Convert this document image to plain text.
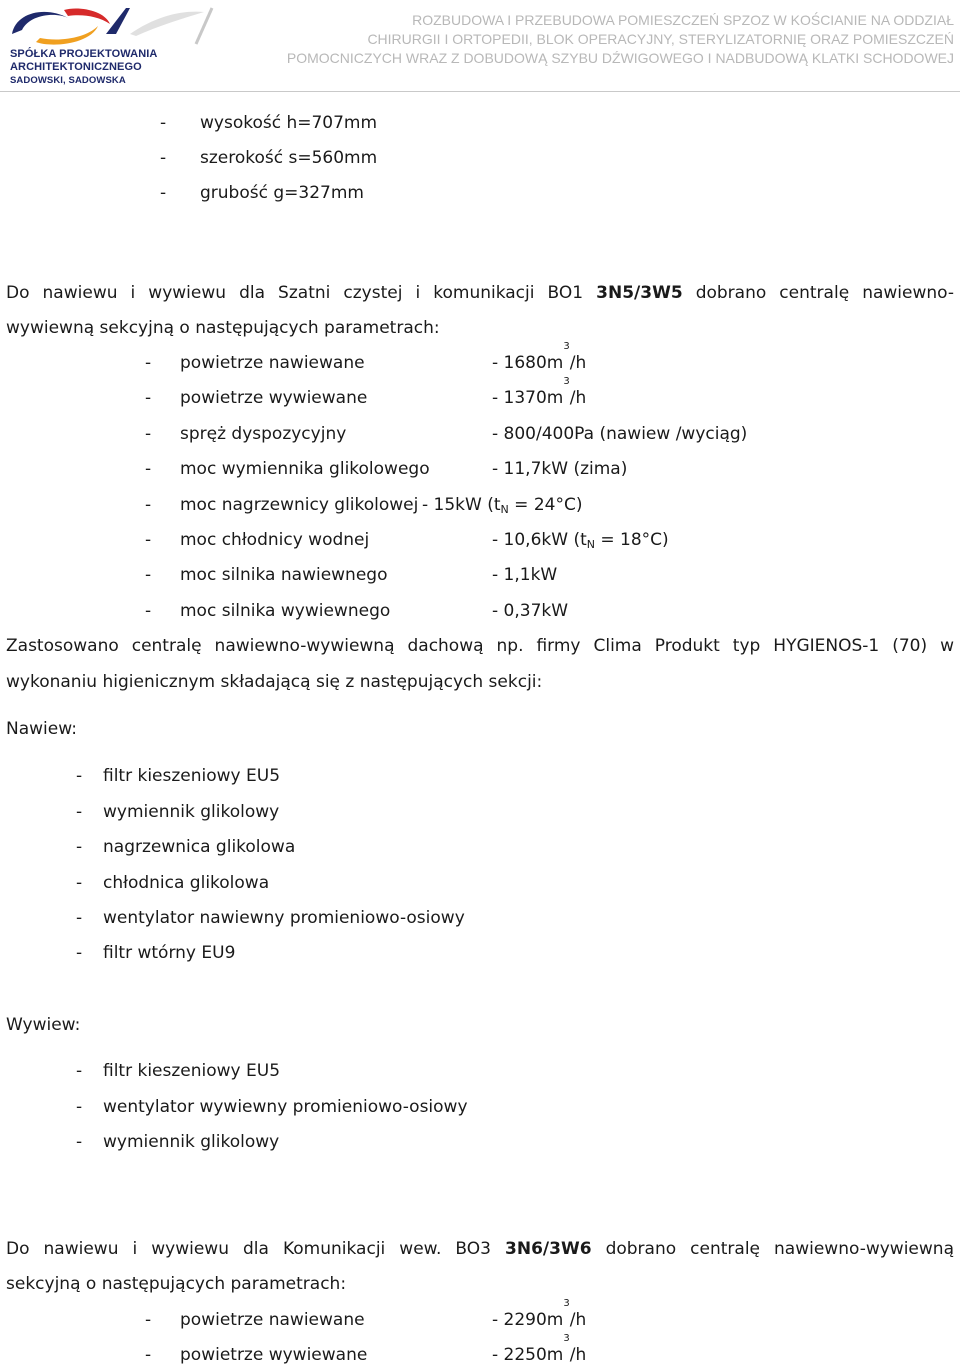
SPÓŁKA PROJEKTOWANIA ARCHITEKTONICZNEGO
SADOWSKI, SADOWSKA
ROZBUDOWA I PRZEBUDOWA POMIESZCZEŃ SPZOZ W KOŚCIANIE NA ODDZIAŁ
CHIRURGII I ORTOPEDII, BLOK OPERACYJNY, STERYLIZATORNIĘ ORAZ POMIESZCZEŃ
POMOCNICZYCH WRAZ Z DOBUDOWĄ SZYBU DŹWIGOWEGO I NADBUDOWĄ KLATKI SCHODOWEJ
- wysokość h=707mm
- szerokość s=560mm
- grubość g=327mm
Do nawiewu i wywiewu dla Szatni czystej i komunikacji BO1 3N5/3W5 dobrano centralę nawiewno-
wywiewną sekcyjną o następujących parametrach:
- powietrze nawiewane	- $1680m^3/h$
- powietrze wywiewane	- $1370m^3/h$
- spręż dyspozycyjny	- 800/400Pa (nawiew /wyciąg)
- moc wymiennika glikolowego	- 11,7kW (zima)
- moc nagrzewnicy glikolowej - 15kW $(t_N = 24^\circ C)$
- moc chłodnicy wodnej	- 10,6kW $(t_N = 18^\circ C)$
- moc silnika nawiewnego	- 1,1kW
- moc silnika wywiewnego	- 0,37kW
Zastosowano centralę nawiewno-wywiewną dachową np. firmy Clima Produkt typ HYGIENOS-1 (70) w
wykonaniu higienicznym składającą się z następujących sekcji:
Nawiew:
- filtr kieszeniowy EU5
- wymiennik glikolowy
- nagrzewnica glikolowa
- chłodnica glikolowa
- wentylator nawiewny promieniowo-osiowy
- filtr wtórny EU9
Wywiew:
- filtr kieszeniowy EU5
- wentylator wywiewny promieniowo-osiowy
- wymiennik glikolowy
Do nawiewu i wywiewu dla Komunikacji wew. BO3 3N6/3W6 dobrano centralę nawiewno-wywiewną
sekcyjną o następujących parametrach:
- powietrze nawiewane	- $2290m^3/h$
- powietrze wywiewane	- $2250m^3/h$
